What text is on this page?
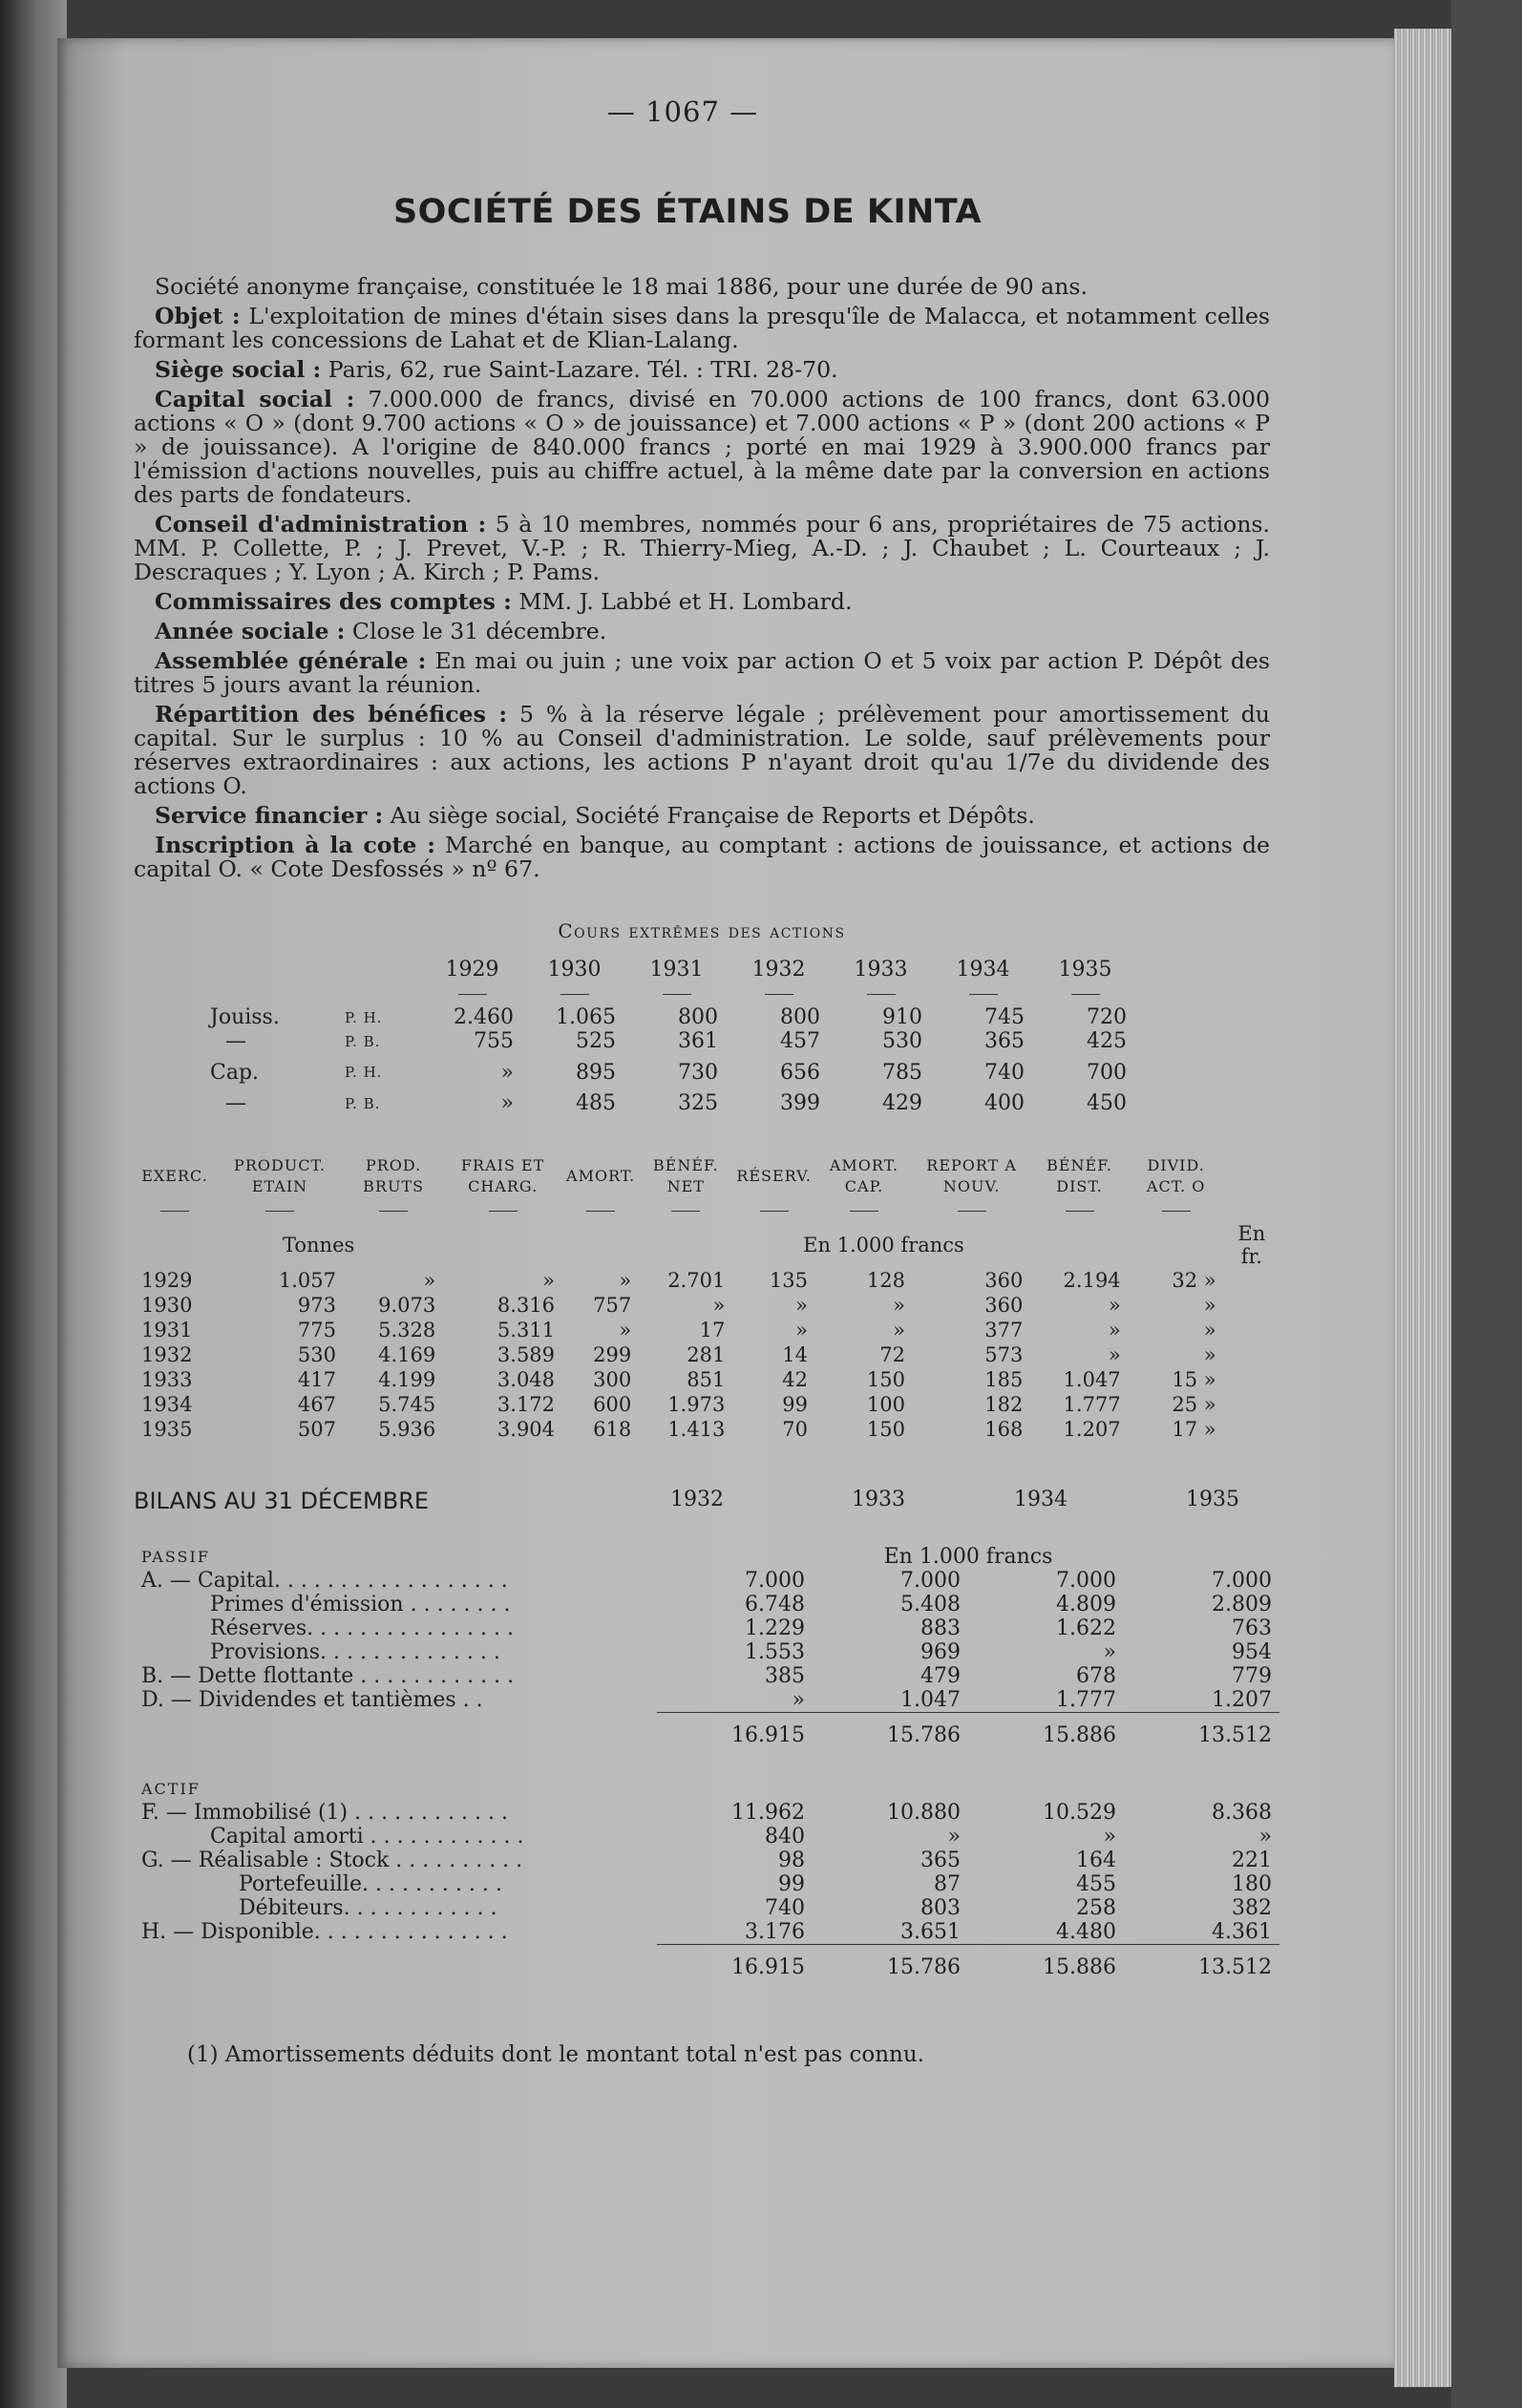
— 1067 —
SOCIÉTÉ DES ÉTAINS DE KINTA

Société anonyme française, constituée le 18 mai 1886, pour une durée de 90 ans.

Objet : L'exploitation de mines d'étain sises dans la presqu'île de Malacca, et notamment celles formant les concessions de Lahat et de Klian-Lalang.

Siège social : Paris, 62, rue Saint-Lazare. Tél. : TRI. 28-70.

Capital social : 7.000.000 de francs, divisé en 70.000 actions de 100 francs, dont 63.000 actions « O » (dont 9.700 actions « O » de jouissance) et 7.000 actions « P » (dont 200 actions « P » de jouissance). A l'origine de 840.000 francs ; porté en mai 1929 à 3.900.000 francs par l'émission d'actions nouvelles, puis au chiffre actuel, à la même date par la conversion en actions des parts de fondateurs.

Conseil d'administration : 5 à 10 membres, nommés pour 6 ans, propriétaires de 75 actions. MM. P. Collette, P. ; J. Prevet, V.-P. ; R. Thierry-Mieg, A.-D. ; J. Chaubet ; L. Courteaux ; J. Descraques ; Y. Lyon ; A. Kirch ; P. Pams.

Commissaires des comptes : MM. J. Labbé et H. Lombard.

Année sociale : Close le 31 décembre.

Assemblée générale : En mai ou juin ; une voix par action O et 5 voix par action P. Dépôt des titres 5 jours avant la réunion.

Répartition des bénéfices : 5 % à la réserve légale ; prélèvement pour amortissement du capital. Sur le surplus : 10 % au Conseil d'administration. Le solde, sauf prélèvements pour réserves extraordinaires : aux actions, les actions P n'ayant droit qu'au 1/7e du dividende des actions O.

Service financier : Au siège social, Société Française de Reports et Dépôts.

Inscription à la cote : Marché en banque, au comptant : actions de jouissance, et actions de capital O. « Cote Desfossés » nº 67.

Cours extrêmes des actions
		1929	1930	1931	1932	1933	1934	1935

Jouiss.	P. H.	2.460	1.065	800	800	910	745	720
—	P. B.	755	525	361	457	530	365	425
Cap.	P. H.	»	895	730	656	785	740	700
—	P. B.	»	485	325	399	429	400	450
EXERC.	PRODUCT. ETAIN	PROD. BRUTS	FRAIS ET CHARG.	AMORT.	BÉNÉF. NET	RÉSERV.	AMORT. CAP.	REPORT A NOUV.	BÉNÉF. DIST.	DIVID. ACT. O	

	Tonnes				En 1.000 francs						En fr.
1929	1.057	»	»	»	2.701	135	128	360	2.194	32 »	
1930	973	9.073	8.316	757	»	»	»	360	»	»	
1931	775	5.328	5.311	»	17	»	»	377	»	»	
1932	530	4.169	3.589	299	281	14	72	573	»	»	
1933	417	4.199	3.048	300	851	42	150	185	1.047	15 »	
1934	467	5.745	3.172	600	1.973	99	100	182	1.777	25 »	
1935	507	5.936	3.904	618	1.413	70	150	168	1.207	17 »	
BILANS AU 31 DÉCEMBRE	1932	1933	1934	1935
PASSIF	En 1.000 francs			
A. — Capital. . . . . . . . . . . . . . . . . .	7.000	7.000	7.000	7.000
Primes d'émission . . . . . . . .	6.748	5.408	4.809	2.809
Réserves. . . . . . . . . . . . . . . .	1.229	883	1.622	763
Provisions. . . . . . . . . . . . . .	1.553	969	»	954
B. — Dette flottante . . . . . . . . . . . .	385	479	678	779
D. — Dividendes et tantièmes . .	»	1.047	1.777	1.207
	16.915	15.786	15.886	13.512

ACTIF				
F. — Immobilisé (1) . . . . . . . . . . . .	11.962	10.880	10.529	8.368
Capital amorti . . . . . . . . . . . .	840	»	»	»
G. — Réalisable : Stock . . . . . . . . . .	98	365	164	221
Portefeuille. . . . . . . . . . .	99	87	455	180
Débiteurs. . . . . . . . . . . .	740	803	258	382
H. — Disponible. . . . . . . . . . . . . . .	3.176	3.651	4.480	4.361
	16.915	15.786	15.886	13.512

(1) Amortissements déduits dont le montant total n'est pas connu.
